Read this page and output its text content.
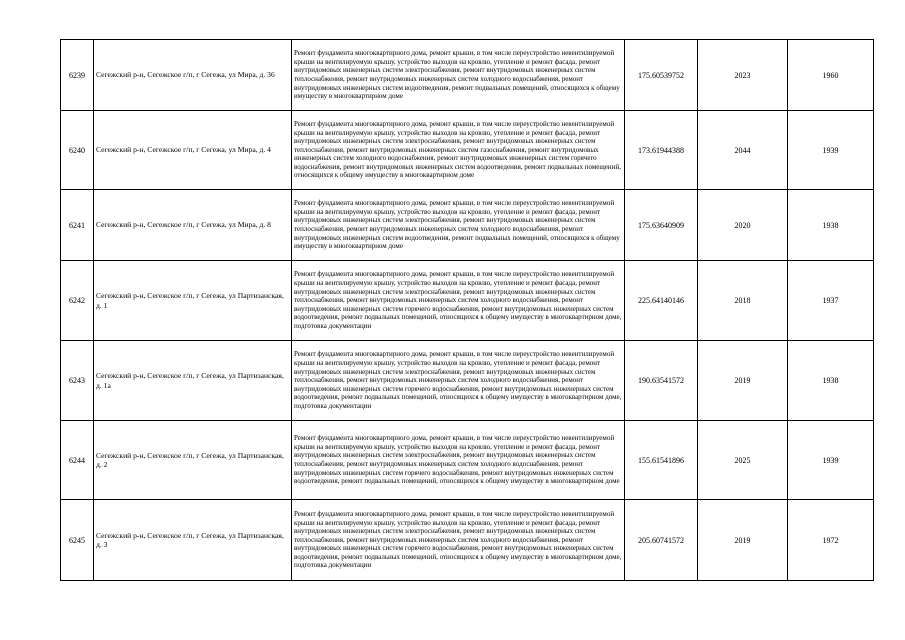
6239	Сегежский р-н, Сегежское г/п, г Сегежа, ул Мира, д. 36	Ремонт фундамента многоквартирного дома, ремонт крыши, в том числе переустройство невентилируемой крыши на вентилируемую крышу, устройство выходов на кровлю, утепление и ремонт фасада, ремонт внутридомовых инженерных систем электроснабжения, ремонт внутридомовых инженерных систем теплоснабжения, ремонт внутридомовых инженерных систем холодного водоснабжения, ремонт внутридомовых инженерных систем водоотведения, ремонт подвальных помещений, относящихся к общему имуществу в многоквартирном доме	175.60539752	2023	1960
6240	Сегежский р-н, Сегежское г/п, г Сегежа, ул Мира, д. 4	Ремонт фундамента многоквартирного дома, ремонт крыши, в том числе переустройство невентилируемой крыши на вентилируемую крышу, устройство выходов на кровлю, утепление и ремонт фасада, ремонт внутридомовых инженерных систем электроснабжения, ремонт внутридомовых инженерных систем теплоснабжения, ремонт внутридомовых инженерных систем газоснабжения, ремонт внутридомовых инженерных систем холодного водоснабжения, ремонт внутридомовых инженерных систем горячего водоснабжения, ремонт внутридомовых инженерных систем водоотведения, ремонт подвальных помещений, относящихся к общему имуществу в многоквартирном доме	173.61944388	2044	1939
6241	Сегежский р-н, Сегежское г/п, г Сегежа, ул Мира, д. 8	Ремонт фундамента многоквартирного дома, ремонт крыши, в том числе переустройство невентилируемой крыши на вентилируемую крышу, устройство выходов на кровлю, утепление и ремонт фасада, ремонт внутридомовых инженерных систем электроснабжения, ремонт внутридомовых инженерных систем теплоснабжения, ремонт внутридомовых инженерных систем холодного водоснабжения, ремонт внутридомовых инженерных систем водоотведения, ремонт подвальных помещений, относящихся к общему имуществу в многоквартирном доме	175.63640909	2020	1938
6242	Сегежский р-н, Сегежское г/п, г Сегежа, ул Партизанская, д. 1	Ремонт фундамента многоквартирного дома, ремонт крыши, в том числе переустройство невентилируемой крыши на вентилируемую крышу, устройство выходов на кровлю, утепление и ремонт фасада, ремонт внутридомовых инженерных систем электроснабжения, ремонт внутридомовых инженерных систем теплоснабжения, ремонт внутридомовых инженерных систем холодного водоснабжения, ремонт внутридомовых инженерных систем горячего водоснабжения, ремонт внутридомовых инженерных систем водоотведения, ремонт подвальных помещений, относящихся к общему имуществу в многоквартирном доме, подготовка документации	225.64140146	2018	1937
6243	Сегежский р-н, Сегежское г/п, г Сегежа, ул Партизанская, д. 1а	Ремонт фундамента многоквартирного дома, ремонт крыши, в том числе переустройство невентилируемой крыши на вентилируемую крышу, устройство выходов на кровлю, утепление и ремонт фасада, ремонт внутридомовых инженерных систем электроснабжения, ремонт внутридомовых инженерных систем теплоснабжения, ремонт внутридомовых инженерных систем холодного водоснабжения, ремонт внутридомовых инженерных систем горячего водоснабжения, ремонт внутридомовых инженерных систем водоотведения, ремонт подвальных помещений, относящихся к общему имуществу в многоквартирном доме, подготовка документации	190.63541572	2019	1938
6244	Сегежский р-н, Сегежское г/п, г Сегежа, ул Партизанская, д. 2	Ремонт фундамента многоквартирного дома, ремонт крыши, в том числе переустройство невентилируемой крыши на вентилируемую крышу, устройство выходов на кровлю, утепление и ремонт фасада, ремонт внутридомовых инженерных систем электроснабжения, ремонт внутридомовых инженерных систем теплоснабжения, ремонт внутридомовых инженерных систем холодного водоснабжения, ремонт внутридомовых инженерных систем горячего водоснабжения, ремонт внутридомовых инженерных систем водоотведения, ремонт подвальных помещений, относящихся к общему имуществу в многоквартирном доме	155.61541896	2025	1939
6245	Сегежский р-н, Сегежское г/п, г Сегежа, ул Партизанская, д. 3	Ремонт фундамента многоквартирного дома, ремонт крыши, в том числе переустройство невентилируемой крыши на вентилируемую крышу, устройство выходов на кровлю, утепление и ремонт фасада, ремонт внутридомовых инженерных систем электроснабжения, ремонт внутридомовых инженерных систем теплоснабжения, ремонт внутридомовых инженерных систем холодного водоснабжения, ремонт внутридомовых инженерных систем горячего водоснабжения, ремонт внутридомовых инженерных систем водоотведения, ремонт подвальных помещений, относящихся к общему имуществу в многоквартирном доме, подготовка документации	205.60741572	2019	1972
